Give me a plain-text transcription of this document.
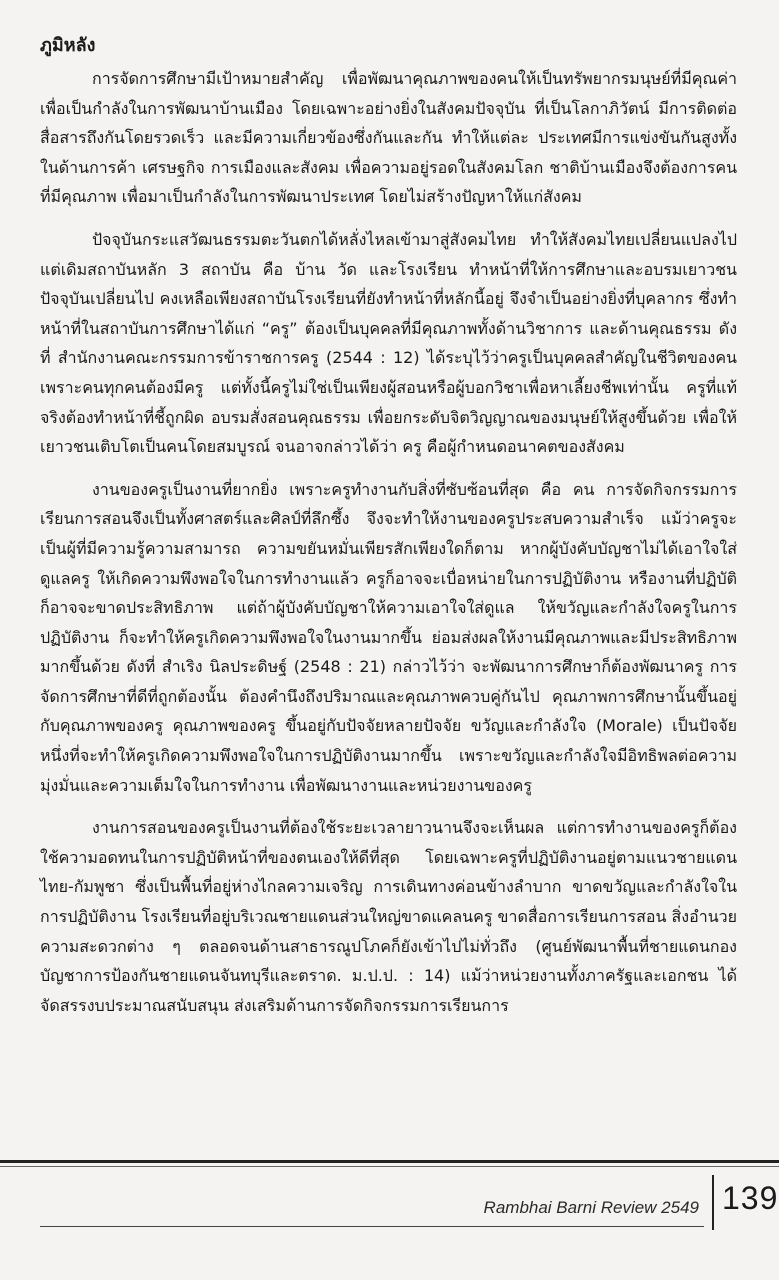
ภูมิหลัง

การจัดการศึกษามีเป้าหมายสำคัญ เพื่อพัฒนาคุณภาพของคนให้เป็นทรัพยากรมนุษย์ที่มีคุณค่า เพื่อเป็นกำลังในการพัฒนาบ้านเมือง โดยเฉพาะอย่างยิ่งในสังคมปัจจุบัน ที่เป็นโลกาภิวัตน์ มีการติดต่อสื่อสารถึงกันโดยรวดเร็ว และมีความเกี่ยวข้องซึ่งกันและกัน ทำให้แต่ละ ประเทศมีการแข่งขันกันสูงทั้งในด้านการค้า เศรษฐกิจ การเมืองและสังคม เพื่อความอยู่รอดในสังคมโลก ชาติบ้านเมืองจึงต้องการคนที่มีคุณภาพ เพื่อมาเป็นกำลังในการพัฒนาประเทศ โดยไม่สร้างปัญหาให้แก่สังคม

ปัจจุบันกระแสวัฒนธรรมตะวันตกได้หลั่งไหลเข้ามาสู่สังคมไทย ทำให้สังคมไทยเปลี่ยนแปลงไป แต่เดิมสถาบันหลัก 3 สถาบัน คือ บ้าน วัด และโรงเรียน ทำหน้าที่ให้การศึกษาและอบรมเยาวชน ปัจจุบันเปลี่ยนไป คงเหลือเพียงสถาบันโรงเรียนที่ยังทำหน้าที่หลักนี้อยู่ จึงจำเป็นอย่างยิ่งที่บุคลากร ซึ่งทำหน้าที่ในสถาบันการศึกษาได้แก่ “ครู” ต้องเป็นบุคคลที่มีคุณภาพทั้งด้านวิชาการ และด้านคุณธรรม ดังที่ สำนักงานคณะกรรมการข้าราชการครู (2544 : 12) ได้ระบุไว้ว่าครูเป็นบุคคลสำคัญในชีวิตของคน เพราะคนทุกคนต้องมีครู แต่ทั้งนี้ครูไม่ใช่เป็นเพียงผู้สอนหรือผู้บอกวิชาเพื่อหาเลี้ยงชีพเท่านั้น ครูที่แท้จริงต้องทำหน้าที่ชี้ถูกผิด อบรมสั่งสอนคุณธรรม เพื่อยกระดับจิตวิญญาณของมนุษย์ให้สูงขึ้นด้วย เพื่อให้เยาวชนเติบโตเป็นคนโดยสมบูรณ์ จนอาจกล่าวได้ว่า ครู คือผู้กำหนดอนาคตของสังคม

งานของครูเป็นงานที่ยากยิ่ง เพราะครูทำงานกับสิ่งที่ซับซ้อนที่สุด คือ คน การจัดกิจกรรมการเรียนการสอนจึงเป็นทั้งศาสตร์และศิลป์ที่ลึกซึ้ง จึงจะทำให้งานของครูประสบความสำเร็จ แม้ว่าครูจะเป็นผู้ที่มีความรู้ความสามารถ ความขยันหมั่นเพียรสักเพียงใดก็ตาม หากผู้บังคับบัญชาไม่ได้เอาใจใส่ดูแลครู ให้เกิดความพึงพอใจในการทำงานแล้ว ครูก็อาจจะเบื่อหน่ายในการปฏิบัติงาน หรืองานที่ปฏิบัติก็อาจจะขาดประสิทธิภาพ แต่ถ้าผู้บังคับบัญชาให้ความเอาใจใส่ดูแล ให้ขวัญและกำลังใจครูในการปฏิบัติงาน ก็จะทำให้ครูเกิดความพึงพอใจในงานมากขึ้น ย่อมส่งผลให้งานมีคุณภาพและมีประสิทธิภาพมากขึ้นด้วย ดังที่ สำเริง นิลประดิษฐ์ (2548 : 21) กล่าวไว้ว่า จะพัฒนาการศึกษาก็ต้องพัฒนาครู การจัดการศึกษาที่ดีที่ถูกต้องนั้น ต้องคำนึงถึงปริมาณและคุณภาพควบคู่กันไป คุณภาพการศึกษานั้นขึ้นอยู่กับคุณภาพของครู คุณภาพของครู ขึ้นอยู่กับปัจจัยหลายปัจจัย ขวัญและกำลังใจ (Morale) เป็นปัจจัยหนึ่งที่จะทำให้ครูเกิดความพึงพอใจในการปฏิบัติงานมากขึ้น เพราะขวัญและกำลังใจมีอิทธิพลต่อความมุ่งมั่นและความเต็มใจในการทำงาน เพื่อพัฒนางานและหน่วยงานของครู

งานการสอนของครูเป็นงานที่ต้องใช้ระยะเวลายาวนานจึงจะเห็นผล แต่การทำงานของครูก็ต้องใช้ความอดทนในการปฏิบัติหน้าที่ของตนเองให้ดีที่สุด โดยเฉพาะครูที่ปฏิบัติงานอยู่ตามแนวชายแดนไทย-กัมพูชา ซึ่งเป็นพื้นที่อยู่ห่างไกลความเจริญ การเดินทางค่อนข้างลำบาก ขาดขวัญและกำลังใจในการปฏิบัติงาน โรงเรียนที่อยู่บริเวณชายแดนส่วนใหญ่ขาดแคลนครู ขาดสื่อการเรียนการสอน สิ่งอำนวยความสะดวกต่าง ๆ ตลอดจนด้านสาธารณูปโภคก็ยังเข้าไปไม่ทั่วถึง (ศูนย์พัฒนาพื้นที่ชายแดนกองบัญชาการป้องกันชายแดนจันทบุรีและตราด. ม.ป.ป. : 14) แม้ว่าหน่วยงานทั้งภาครัฐและเอกชน ได้จัดสรรงบประมาณสนับสนุน ส่งเสริมด้านการจัดกิจกรรมการเรียนการ

Rambhai Barni Review 2549 139
